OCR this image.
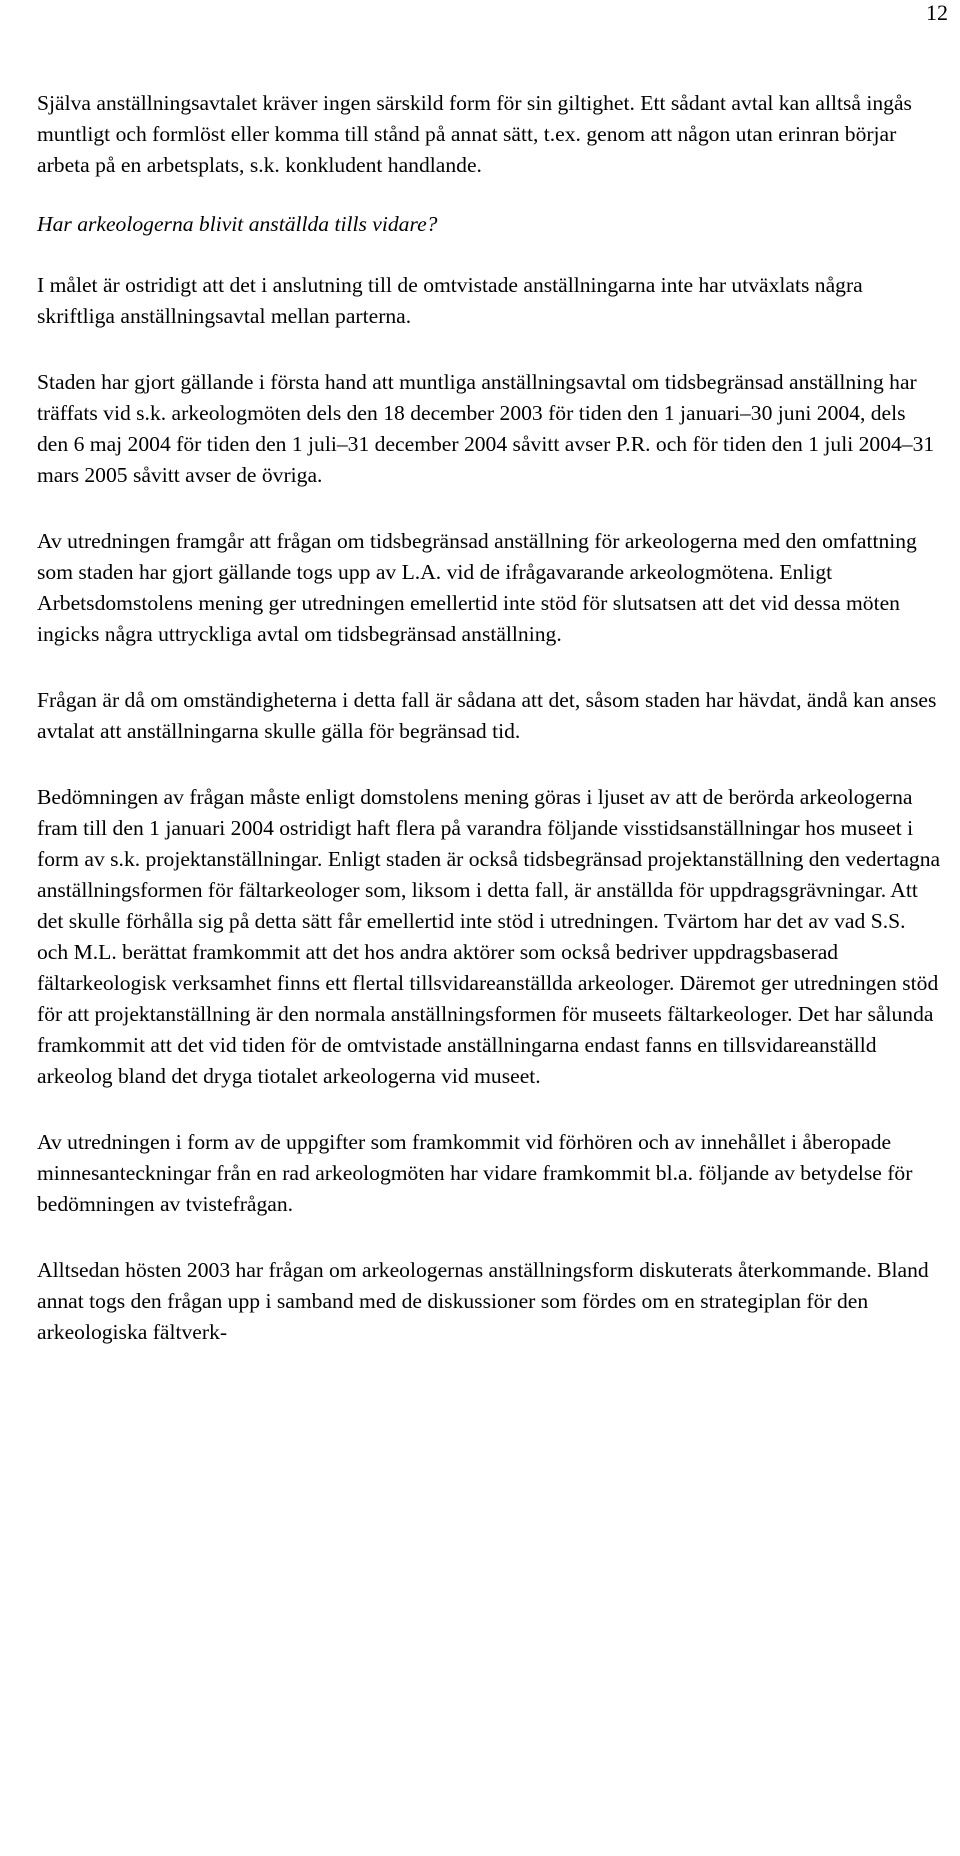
12

Själva anställningsavtalet kräver ingen särskild form för sin giltighet. Ett sådant avtal kan alltså ingås muntligt och formlöst eller komma till stånd på annat sätt, t.ex. genom att någon utan erinran börjar arbeta på en arbetsplats, s.k. konkludent handlande.

Har arkeologerna blivit anställda tills vidare?

I målet är ostridigt att det i anslutning till de omtvistade anställningarna inte har utväxlats några skriftliga anställningsavtal mellan parterna.

Staden har gjort gällande i första hand att muntliga anställningsavtal om tidsbegränsad anställning har träffats vid s.k. arkeologmöten dels den 18 december 2003 för tiden den 1 januari–30 juni 2004, dels den 6 maj 2004 för tiden den 1 juli–31 december 2004 såvitt avser P.R. och för tiden den 1 juli 2004–31 mars 2005 såvitt avser de övriga.

Av utredningen framgår att frågan om tidsbegränsad anställning för arkeologerna med den omfattning som staden har gjort gällande togs upp av L.A. vid de ifrågavarande arkeologmötena. Enligt Arbetsdomstolens mening ger utredningen emellertid inte stöd för slutsatsen att det vid dessa möten ingicks några uttryckliga avtal om tidsbegränsad anställning.

Frågan är då om omständigheterna i detta fall är sådana att det, såsom staden har hävdat, ändå kan anses avtalat att anställningarna skulle gälla för begränsad tid.

Bedömningen av frågan måste enligt domstolens mening göras i ljuset av att de berörda arkeologerna fram till den 1 januari 2004 ostridigt haft flera på varandra följande visstidsanställningar hos museet i form av s.k. projektanställningar. Enligt staden är också tidsbegränsad projektanställning den vedertagna anställningsformen för fältarkeologer som, liksom i detta fall, är anställda för uppdragsgrävningar. Att det skulle förhålla sig på detta sätt får emellertid inte stöd i utredningen. Tvärtom har det av vad S.S. och M.L. berättat framkommit att det hos andra aktörer som också bedriver uppdragsbaserad fältarkeologisk verksamhet finns ett flertal tillsvidareanställda arkeologer. Däremot ger utredningen stöd för att projektanställning är den normala anställningsformen för museets fältarkeologer. Det har sålunda framkommit att det vid tiden för de omtvistade anställningarna endast fanns en tillsvidareanställd arkeolog bland det dryga tiotalet arkeologerna vid museet.

Av utredningen i form av de uppgifter som framkommit vid förhören och av innehållet i åberopade minnesanteckningar från en rad arkeologmöten har vidare framkommit bl.a. följande av betydelse för bedömningen av tvistefrågan.

Alltsedan hösten 2003 har frågan om arkeologernas anställningsform diskuterats återkommande. Bland annat togs den frågan upp i samband med de diskussioner som fördes om en strategiplan för den arkeologiska fältverk-
